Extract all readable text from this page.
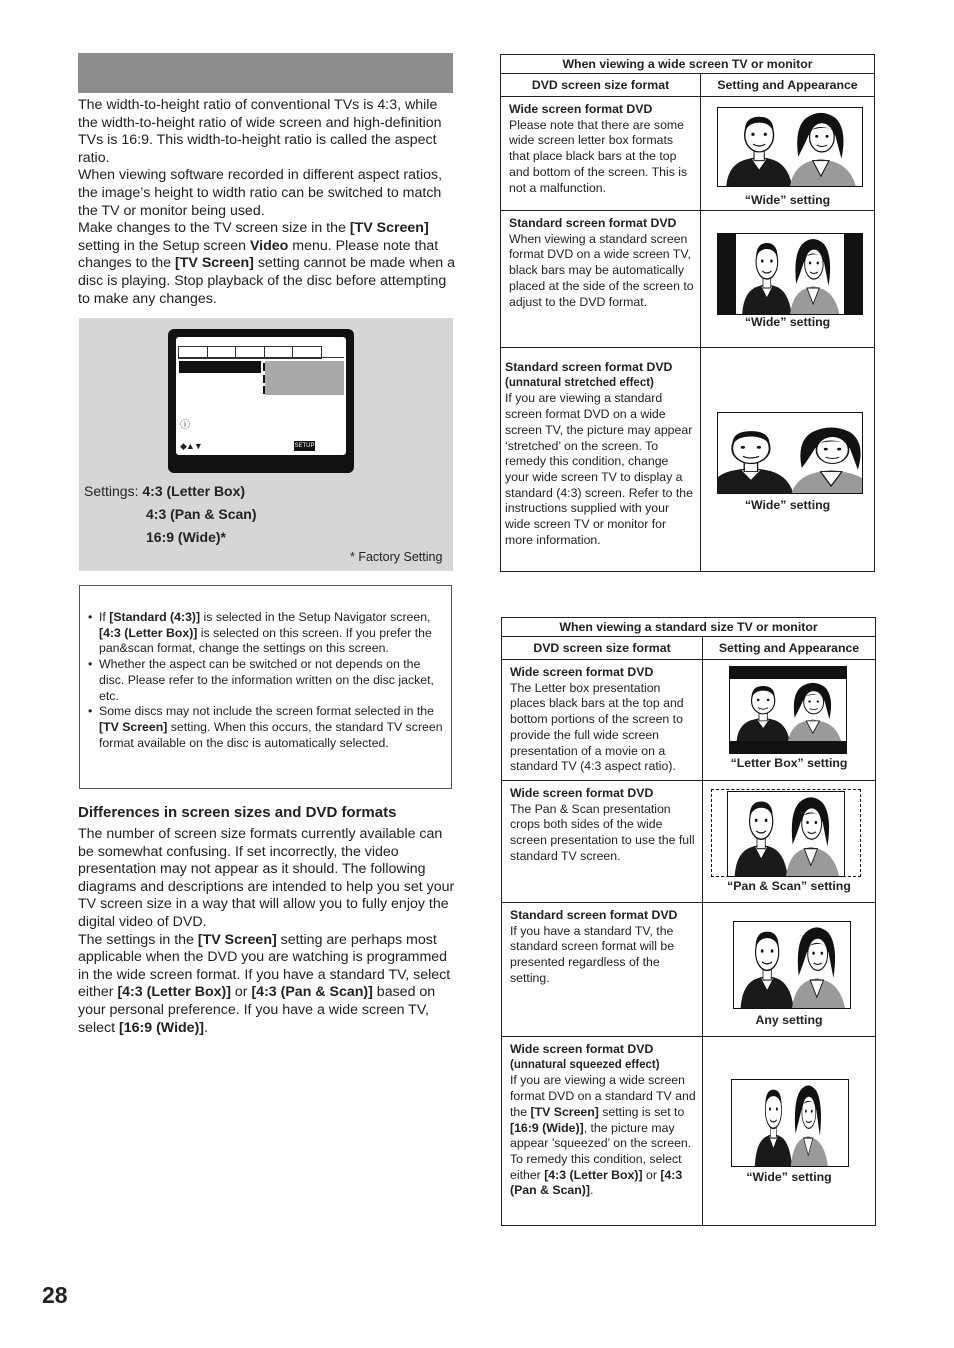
The width-to-height ratio of conventional TVs is 4:3, while the width-to-height ratio of wide screen and high-definition TVs is 16:9. This width-to-height ratio is called the aspect ratio.

When viewing software recorded in different aspect ratios, the image’s height to width ratio can be switched to match the TV or monitor being used.

Make changes to the TV screen size in the [TV Screen] setting in the Setup screen Video menu. Please note that changes to the [TV Screen] setting cannot be made when a disc is playing. Stop playback of the disc before attempting to make any changes.

ⓘ
◆▲▼	SETUP
Settings: 4:3 (Letter Box)
4:3 (Pan & Scan)
16:9 (Wide)*
* Factory Setting
• If [Standard (4:3)] is selected in the Setup Navigator screen, [4:3 (Letter Box)] is selected on this screen. If you prefer the pan&scan format, change the settings on this screen.
• Whether the aspect can be switched or not depends on the disc. Please refer to the information written on the disc jacket, etc.
• Some discs may not include the screen format selected in the [TV Screen] setting. When this occurs, the standard TV screen format available on the disc is automatically selected.
Differences in screen sizes and DVD formats

The number of screen size formats currently available can be somewhat confusing. If set incorrectly, the video presentation may not appear as it should. The following diagrams and descriptions are intended to help you set your TV screen size in a way that will allow you to fully enjoy the digital video of DVD.

The settings in the [TV Screen] setting are perhaps most applicable when the DVD you are watching is programmed in the wide screen format. If you have a standard TV, select either [4:3 (Letter Box)] or [4:3 (Pan & Scan)] based on your personal preference. If you have a wide screen TV, select [16:9 (Wide)].

When viewing a wide screen TV or monitor	
DVD screen size format	Setting and Appearance

Wide screen format DVD
Please note that there are some wide screen letter box formats that place black bars at the top and bottom of the screen. This is not a malfunction.	“Wide” setting

Standard screen format DVD
When viewing a standard screen format DVD on a wide screen TV, black bars may be automatically placed at the side of the screen to adjust to the DVD format.	“Wide” setting

Standard screen format DVD
(unnatural stretched effect)
If you are viewing a standard screen format DVD on a wide screen TV, the picture may appear ‘stretched’ on the screen. To remedy this condition, change your wide screen TV to display a standard (4:3) screen. Refer to the instructions supplied with your wide screen TV or monitor for more information.	“Wide” setting
When viewing a standard size TV or monitor	
DVD screen size format	Setting and Appearance

Wide screen format DVD
The Letter box presentation places black bars at the top and bottom portions of the screen to provide the full wide screen presentation of a movie on a standard TV (4:3 aspect ratio).	“Letter Box” setting

Wide screen format DVD
The Pan & Scan presentation crops both sides of the wide screen presentation to use the full standard TV screen.	“Pan & Scan” setting

Standard screen format DVD
If you have a standard TV, the standard screen format will be presented regardless of the setting.	Any setting

Wide screen format DVD
(unnatural squeezed effect)
If you are viewing a wide screen format DVD on a standard TV and the [TV Screen] setting is set to [16:9 (Wide)], the picture may appear ’squeezed’ on the screen. To remedy this condition, select either [4:3 (Letter Box)] or [4:3 (Pan & Scan)].	“Wide” setting
28
